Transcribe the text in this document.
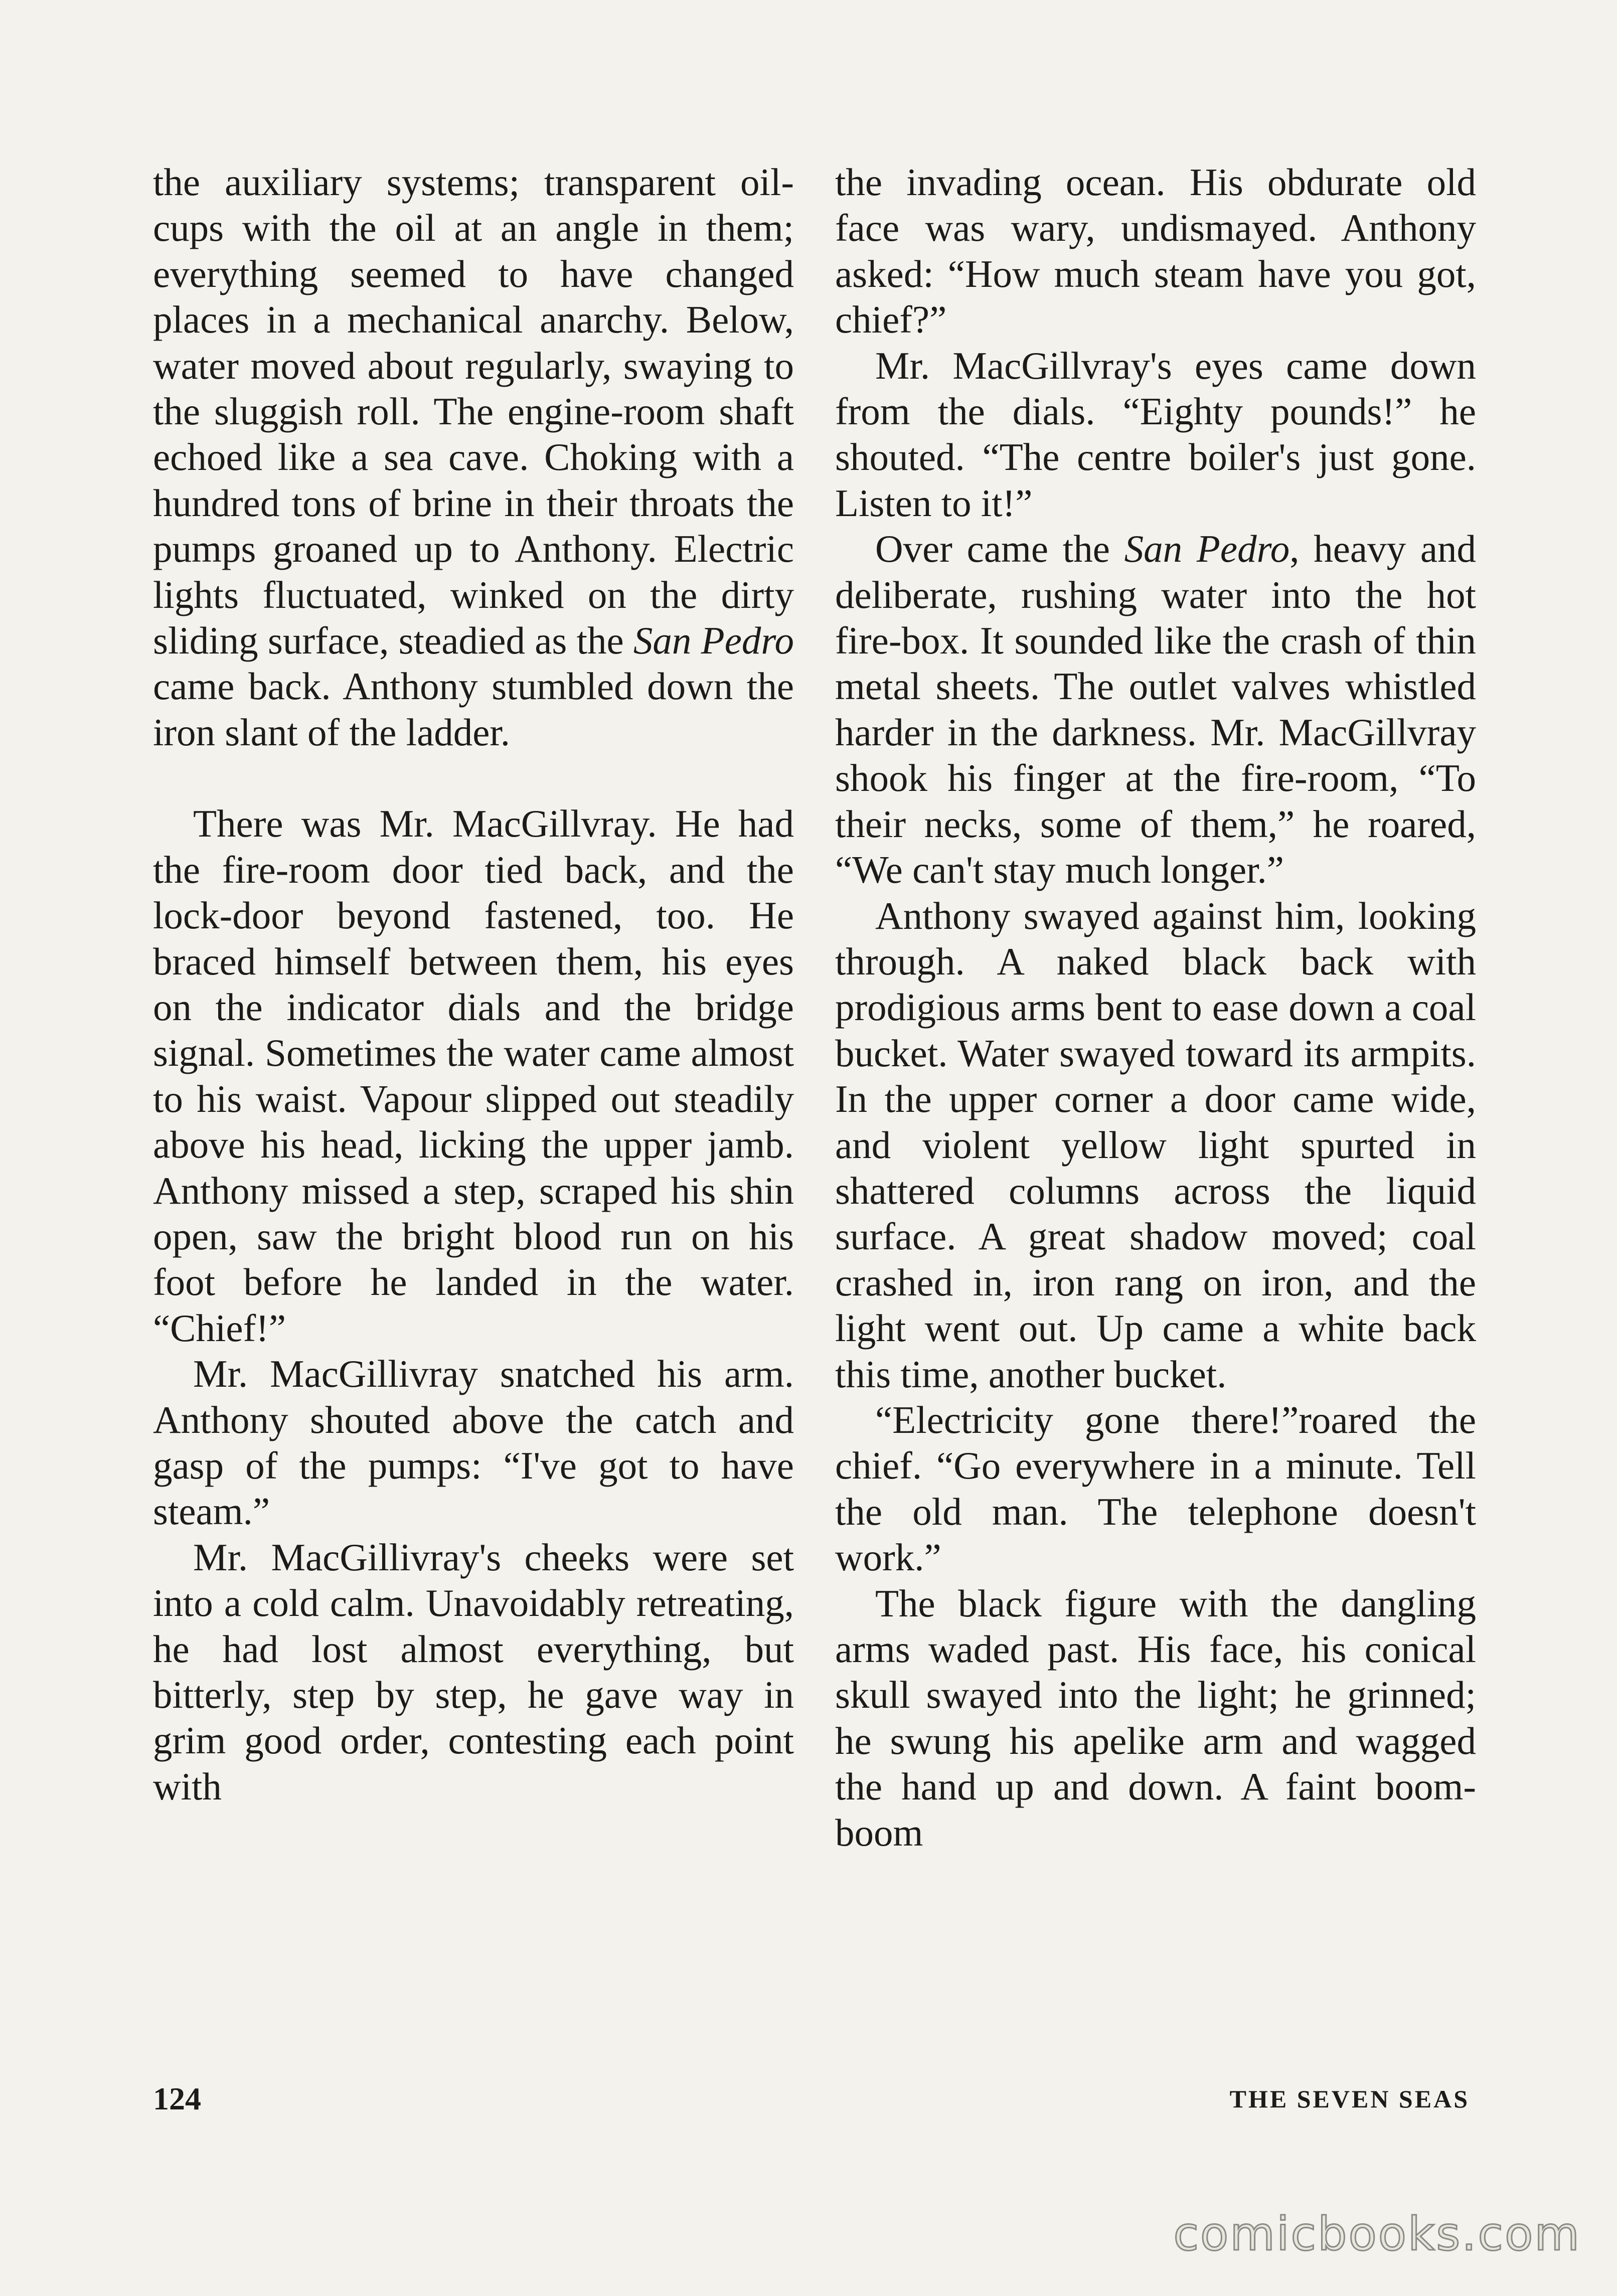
the auxiliary systems; transparent oil-cups with the oil at an angle in them; everything seemed to have changed places in a mechanical anarchy. Below, water moved about regularly, swaying to the sluggish roll. The engine-room shaft echoed like a sea cave. Choking with a hundred tons of brine in their throats the pumps groaned up to Anthony. Electric lights fluctuated, winked on the dirty sliding surface, steadied as the San Pedro came back. Anthony stumbled down the iron slant of the ladder.

There was Mr. MacGillvray. He had the fire-room door tied back, and the lock-door beyond fastened, too. He braced himself between them, his eyes on the indicator dials and the bridge signal. Sometimes the water came almost to his waist. Vapour slipped out steadily above his head, licking the upper jamb. Anthony missed a step, scraped his shin open, saw the bright blood run on his foot before he landed in the water. “Chief!”

Mr. MacGillivray snatched his arm. Anthony shouted above the catch and gasp of the pumps: “I've got to have steam.”

Mr. MacGillivray's cheeks were set into a cold calm. Unavoidably retreating, he had lost almost everything, but bitterly, step by step, he gave way in grim good order, contesting each point with

the invading ocean. His obdurate old face was wary, undismayed. Anthony asked: “How much steam have you got, chief?”

Mr. MacGillvray's eyes came down from the dials. “Eighty pounds!” he shouted. “The centre boiler's just gone. Listen to it!”

Over came the San Pedro, heavy and deliberate, rushing water into the hot fire-box. It sounded like the crash of thin metal sheets. The outlet valves whistled harder in the darkness. Mr. MacGillvray shook his finger at the fire-room, “To their necks, some of them,” he roared, “We can't stay much longer.”

Anthony swayed against him, looking through. A naked black back with prodigious arms bent to ease down a coal bucket. Water swayed toward its armpits. In the upper corner a door came wide, and violent yellow light spurted in shattered columns across the liquid surface. A great shadow moved; coal crashed in, iron rang on iron, and the light went out. Up came a white back this time, another bucket.

“Electricity gone there!”roared the chief. “Go everywhere in a minute. Tell the old man. The telephone doesn't work.”

The black figure with the dangling arms waded past. His face, his conical skull swayed into the light; he grinned; he swung his apelike arm and wagged the hand up and down. A faint boom-boom

124	THE SEVEN SEAS
comicbooks.com
